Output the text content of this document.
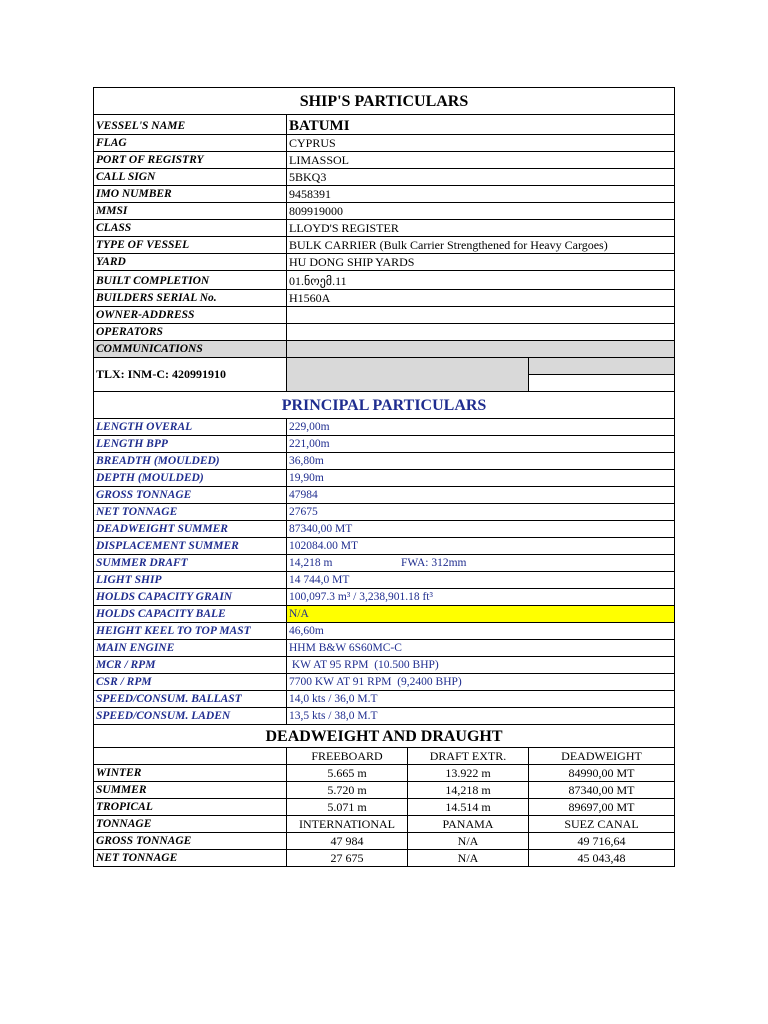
SHIP'S PARTICULARS			
VESSEL'S NAME	BATUMI		
FLAG	CYPRUS		
PORT OF REGISTRY	LIMASSOL		
CALL SIGN	5BKQ3		
IMO NUMBER	9458391		
MMSI	809919000		
CLASS	LLOYD'S REGISTER		
TYPE OF VESSEL	BULK CARRIER (Bulk Carrier Strengthened for Heavy Cargoes)		
YARD	HU DONG SHIP YARDS		
BUILT COMPLETION	01.ნოემ.11		
BUILDERS SERIAL No.	H1560A		
OWNER-ADDRESS			
OPERATORS			
COMMUNICATIONS			
TLX: INM-C: 420991910			

PRINCIPAL PARTICULARS			
LENGTH OVERAL	229,00m		
LENGTH BPP	221,00m		
BREADTH (MOULDED)	36,80m		
DEPTH (MOULDED)	19,90m		
GROSS TONNAGE	47984		
NET TONNAGE	27675		
DEADWEIGHT SUMMER	87340,00 MT		
DISPLACEMENT SUMMER	102084.00 MT		
SUMMER DRAFT	14,218 m FWA: 312mm		

LIGHT SHIP	14 744,0 MT		
HOLDS CAPACITY GRAIN	100,097.3 m³ / 3,238,901.18 ft³		
HOLDS CAPACITY BALE	N/A		
HEIGHT KEEL TO TOP MAST	46,60m		
MAIN ENGINE	HHM B&W 6S60MC-C		
MCR / RPM	KW AT 95 RPM  (10.500 BHP)		
CSR / RPM	7700 KW AT 91 RPM  (9,2400 BHP)		
SPEED/CONSUM. BALLAST	14,0 kts / 36,0 M.T		
SPEED/CONSUM. LADEN	13,5 kts / 38,0 M.T		
DEADWEIGHT AND DRAUGHT			
	FREEBOARD	DRAFT EXTR.	DEADWEIGHT
WINTER	5.665 m	13.922 m	84990,00 MT
SUMMER	5.720 m	14,218 m	87340,00 MT
TROPICAL	5.071 m	14.514 m	89697,00 MT
TONNAGE	INTERNATIONAL	PANAMA	SUEZ CANAL
GROSS TONNAGE	47 984	N/A	49 716,64
NET TONNAGE	27 675	N/A	45 043,48
